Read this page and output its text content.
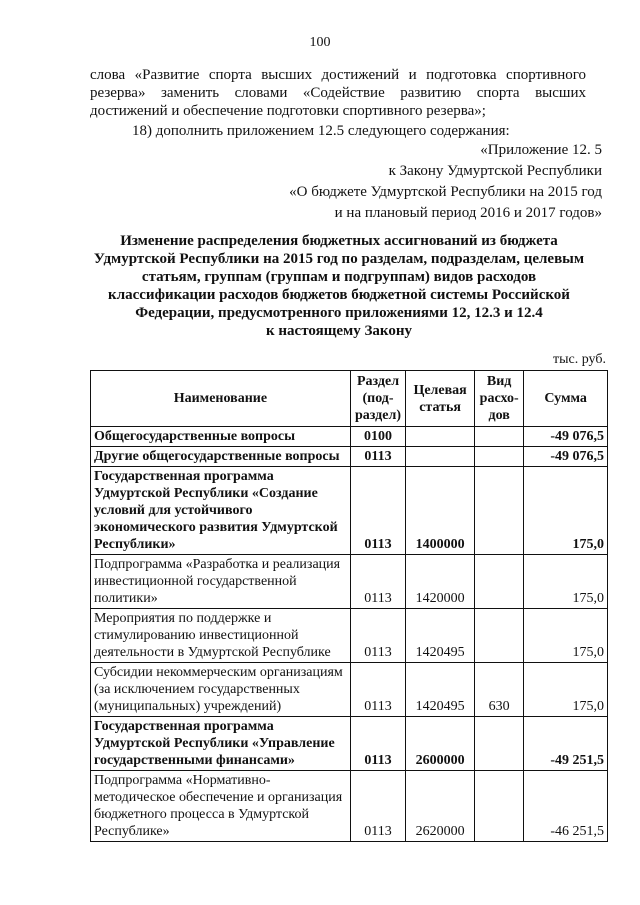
100
слова «Развитие спорта высших достижений и подготовка спортивного
резерва» заменить словами «Содействие развитию спорта высших
достижений и обеспечение подготовки спортивного резерва»;
18) дополнить приложением 12.5 следующего содержания:
«Приложение 12. 5
к Закону Удмуртской Республики
«О бюджете Удмуртской Республики на 2015 год
и на плановый период 2016 и 2017 годов»
Изменение распределения бюджетных ассигнований из бюджета
Удмуртской Республики на 2015 год по разделам, подразделам, целевым
статьям, группам (группам и подгруппам) видов расходов
классификации расходов бюджетов бюджетной системы Российской
Федерации, предусмотренного приложениями 12, 12.3 и 12.4
к настоящему Закону
тыс. руб.
Наименование	Раздел (под-раздел)	Целевая статья	Вид расхо-дов	Сумма
Общегосударственные вопросы	0100			-49 076,5
Другие общегосударственные вопросы	0113			-49 076,5
Государственная программа Удмуртской Республики «Создание условий для устойчивого экономического развития Удмуртской Республики»	0113	1400000		175,0
Подпрограмма «Разработка и реализация инвестиционной государственной политики»	0113	1420000		175,0
Мероприятия по поддержке и стимулированию инвестиционной деятельности в Удмуртской Республике	0113	1420495		175,0
Субсидии некоммерческим организациям (за исключением государственных (муниципальных) учреждений)	0113	1420495	630	175,0
Государственная программа Удмуртской Республики «Управление государственными финансами»	0113	2600000		-49 251,5
Подпрограмма «Нормативно-методическое обеспечение и организация бюджетного процесса в Удмуртской Республике»	0113	2620000		-46 251,5
